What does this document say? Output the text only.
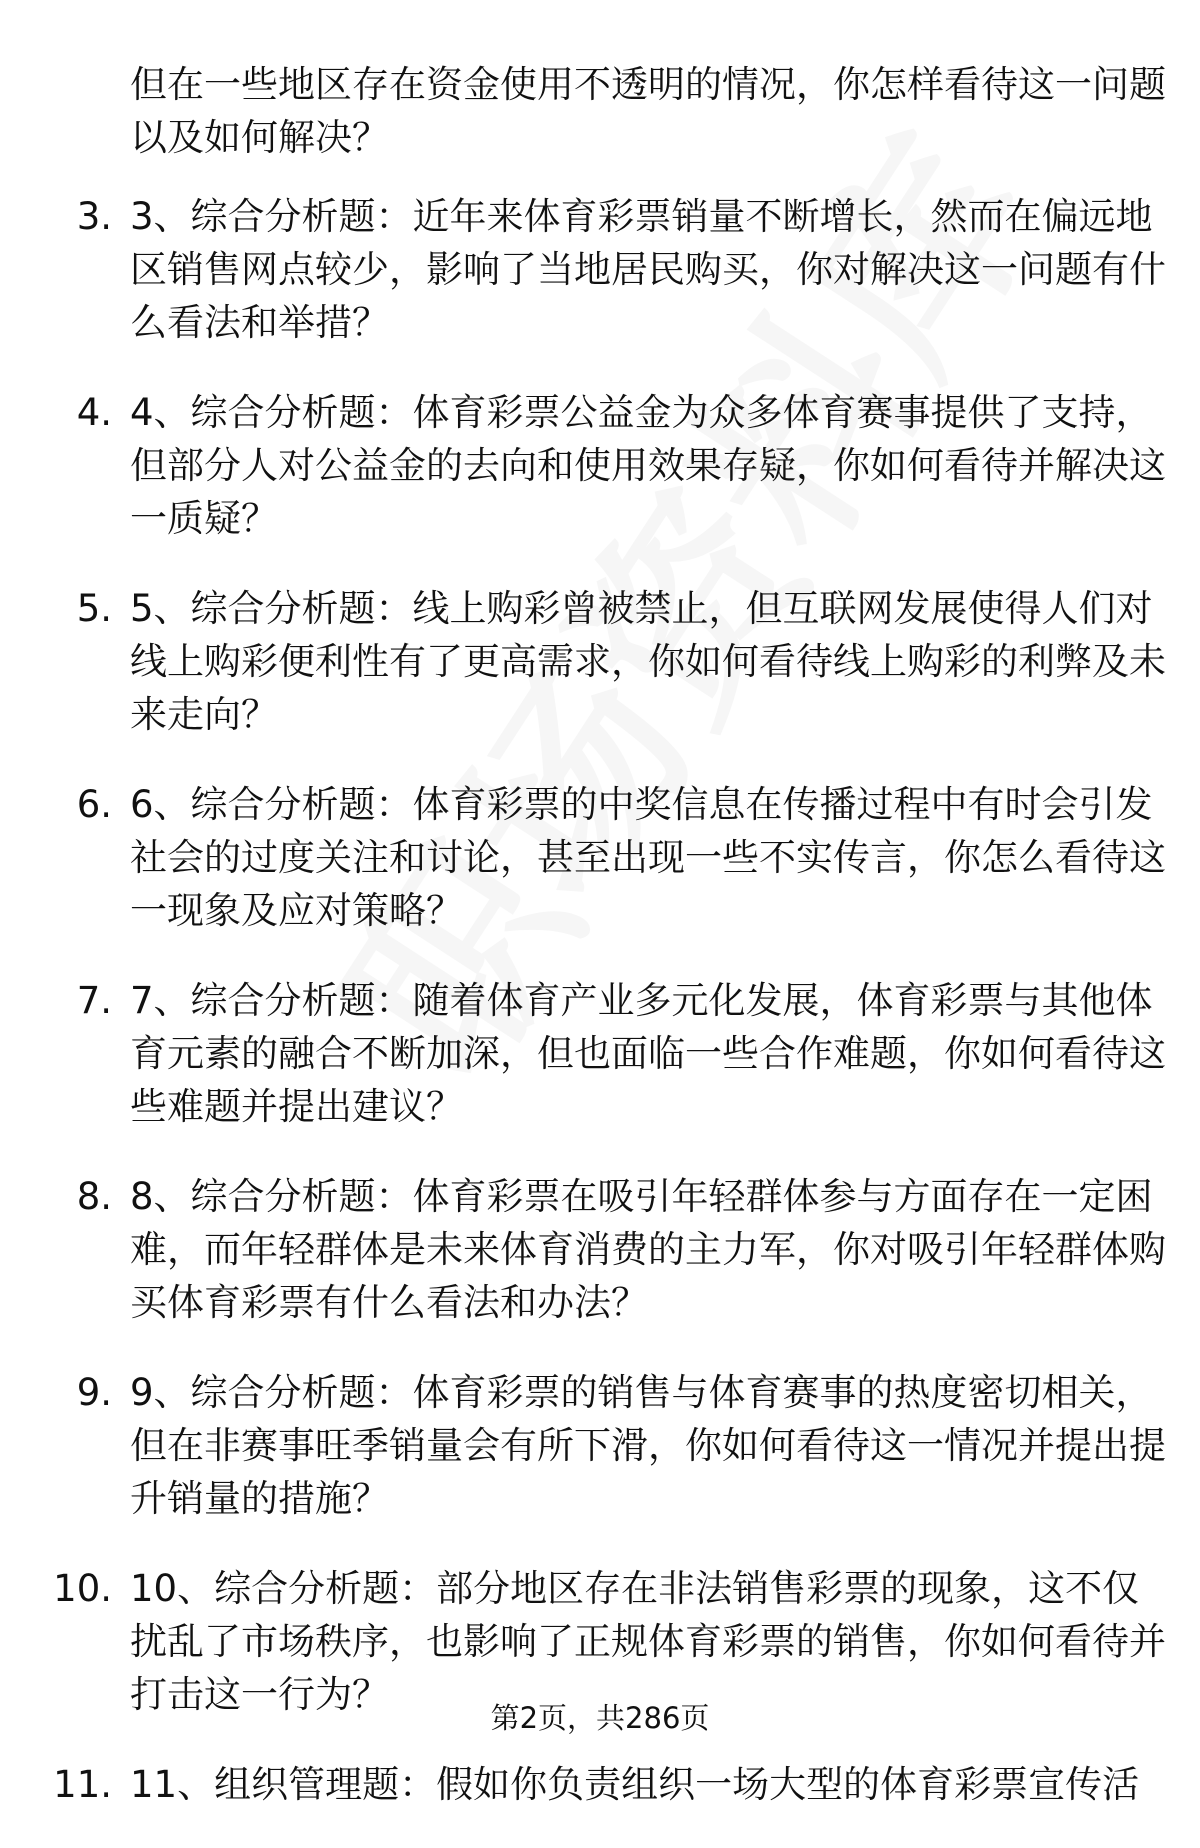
但在一些地区存在资金使用不透明的情况，你怎样看待这一问题以及如何解决？
3. 3、综合分析题：近年来体育彩票销量不断增长，然而在偏远地区销售网点较少，影响了当地居民购买，你对解决这一问题有什么看法和举措？
4. 4、综合分析题：体育彩票公益金为众多体育赛事提供了支持，但部分人对公益金的去向和使用效果存疑，你如何看待并解决这一质疑？
5. 5、综合分析题：线上购彩曾被禁止，但互联网发展使得人们对线上购彩便利性有了更高需求，你如何看待线上购彩的利弊及未来走向？
6. 6、综合分析题：体育彩票的中奖信息在传播过程中有时会引发社会的过度关注和讨论，甚至出现一些不实传言，你怎么看待这一现象及应对策略？
7. 7、综合分析题：随着体育产业多元化发展，体育彩票与其他体育元素的融合不断加深，但也面临一些合作难题，你如何看待这些难题并提出建议？
8. 8、综合分析题：体育彩票在吸引年轻群体参与方面存在一定困难，而年轻群体是未来体育消费的主力军，你对吸引年轻群体购买体育彩票有什么看法和办法？
9. 9、综合分析题：体育彩票的销售与体育赛事的热度密切相关，但在非赛事旺季销量会有所下滑，你如何看待这一情况并提出提升销量的措施？
10. 10、综合分析题：部分地区存在非法销售彩票的现象，这不仅扰乱了市场秩序，也影响了正规体育彩票的销售，你如何看待并打击这一行为？
11. 11、组织管理题：假如你负责组织一场大型的体育彩票宣传活
第2页，共286页
